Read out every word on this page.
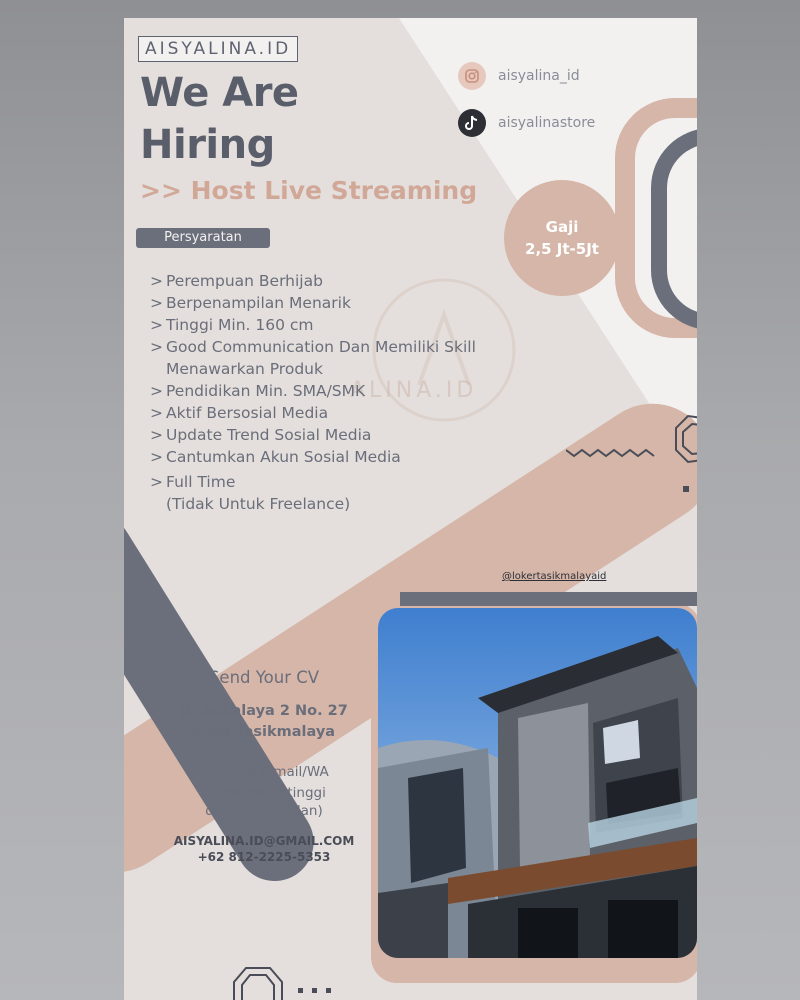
ALINA.ID
AISYALINA.ID
We Are
Hiring
>> Host Live Streaming
Persyaratan
> Perempuan Berhijab
> Berpenampilan Menarik
> Tinggi Min. 160 cm
> Good Communication Dan Memiliki Skill
Menawarkan Produk
> Pendidikan Min. SMA/SMK
> Aktif Bersosial Media
> Update Trend Sosial Media
> Cantumkan Akun Sosial Media
> Full Time
(Tidak Untuk Freelance)
aisyalina_id
aisyalinastore
Gaji
2,5 Jt-5Jt
@lokertasikmalayaid
Send Your CV
Jl. Sukalaya 2 No. 27
Kota Tasikmalaya
Atau Via E-mail/WA
(cantumkan tinggi
dan berat badan)
AISYALINA.ID@GMAIL.COM
+62 812-2225-5353
